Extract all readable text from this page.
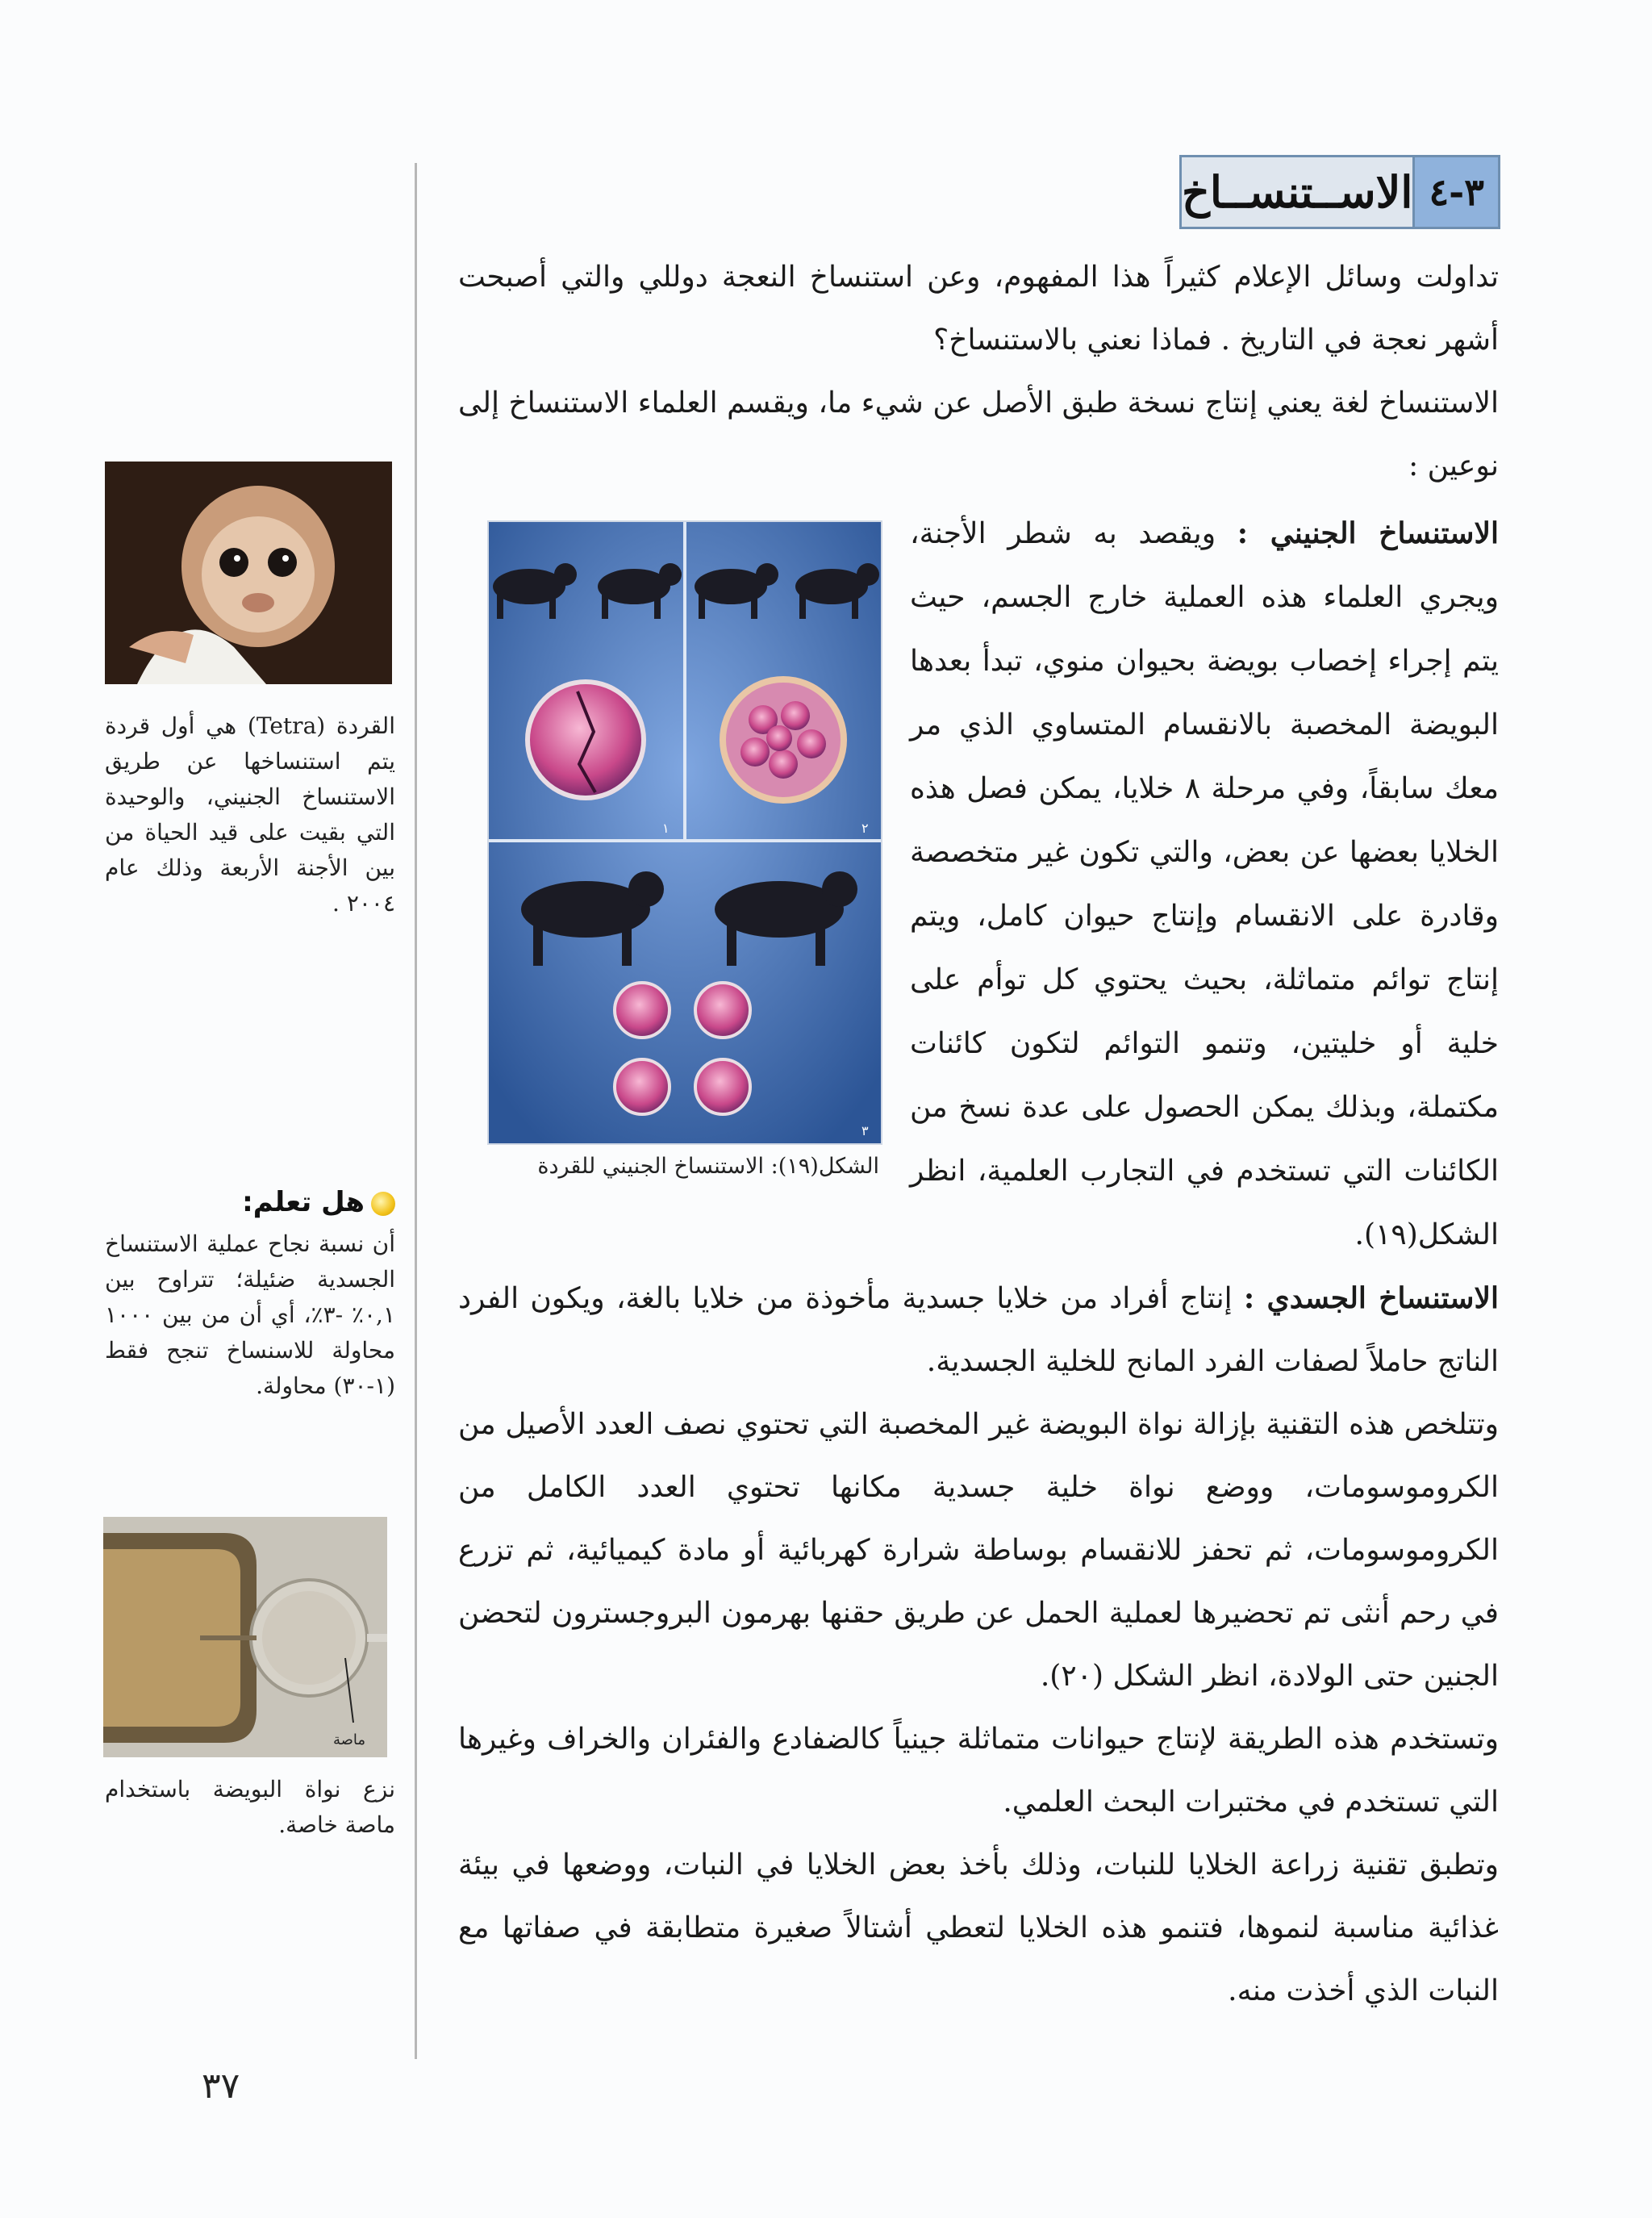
٣-٤
الاســتنســاخ

تداولت وسائل الإعلام كثيراً هذا المفهوم، وعن استنساخ النعجة دوللي والتي أصبحت أشهر نعجة في التاريخ . فماذا نعني بالاستنساخ؟

الاستنساخ لغة يعني إنتاج نسخة طبق الأصل عن شيء ما، ويقسم العلماء الاستنساخ إلى نوعين :

الاستنساخ الجنيني : ويقصد به شطر الأجنة، ويجري العلماء هذه العملية خارج الجسم، حيث يتم إجراء إخصاب بويضة بحيوان منوي، تبدأ بعدها البويضة المخصبة بالانقسام المتساوي الذي مر معك سابقاً، وفي مرحلة ٨ خلايا، يمكن فصل هذه الخلايا بعضها عن بعض، والتي تكون غير متخصصة وقادرة على الانقسام وإنتاج حيوان كامل، ويتم إنتاج توائم متماثلة، بحيث يحتوي كل توأم على خلية أو خليتين، وتنمو التوائم لتكون كائنات مكتملة، وبذلك يمكن الحصول على عدة نسخ من الكائنات التي تستخدم في التجارب العلمية، انظر الشكل(١٩).

١	٢
٣
الشكل(١٩): الاستنساخ الجنيني للقردة

الاستنساخ الجسدي : إنتاج أفراد من خلايا جسدية مأخوذة من خلايا بالغة، ويكون الفرد الناتج حاملاً لصفات الفرد المانح للخلية الجسدية.

وتتلخص هذه التقنية بإزالة نواة البويضة غير المخصبة التي تحتوي نصف العدد الأصيل من الكروموسومات، ووضع نواة خلية جسدية مكانها تحتوي العدد الكامل من الكروموسومات، ثم تحفز للانقسام بوساطة شرارة كهربائية أو مادة كيميائية، ثم تزرع في رحم أنثى تم تحضيرها لعملية الحمل عن طريق حقنها بهرمون البروجسترون لتحضن الجنين حتى الولادة، انظر الشكل (٢٠).

وتستخدم هذه الطريقة لإنتاج حيوانات متماثلة جينياً كالضفادع والفئران والخراف وغيرها التي تستخدم في مختبرات البحث العلمي.

وتطبق تقنية زراعة الخلايا للنبات، وذلك بأخذ بعض الخلايا في النبات، ووضعها في بيئة غذائية مناسبة لنموها، فتنمو هذه الخلايا لتعطي أشتالاً صغيرة متطابقة في صفاتها مع النبات الذي أخذت منه.

القردة (Tetra) هي أول قردة يتم استنساخها عن طريق الاستنساخ الجنيني، والوحيدة التي بقيت على قيد الحياة من بين الأجنة الأربعة وذلك عام ٢٠٠٤ .

هل تعلم:

أن نسبة نجاح عملية الاستنساخ الجسدية ضئيلة؛ تتراوح بين ٠,١٪ -٣٪، أي أن من بين ١٠٠٠ محاولة للاسنساخ تنجح فقط (١-٣٠) محاولة.

ماصة

نزع نواة البويضة باستخدام ماصة خاصة.

٣٧
